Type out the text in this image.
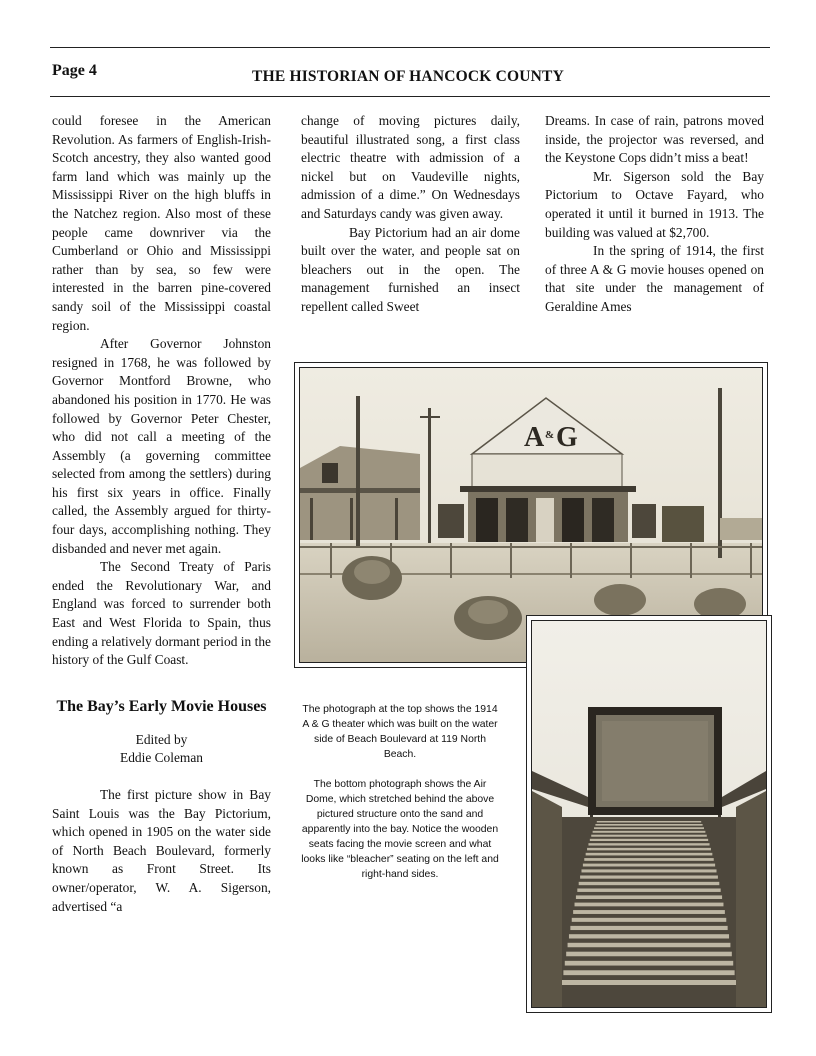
Page 4	THE HISTORIAN OF HANCOCK COUNTY

could foresee in the American Revolution. As farmers of English-Irish-Scotch ancestry, they also wanted good farm land which was mainly up the Mississippi River on the high bluffs in the Natchez region. Also most of these people came downriver via the Cumberland or Ohio and Mississippi rather than by sea, so few were interested in the barren pine-covered sandy soil of the Mississippi coastal region.

After Governor Johnston resigned in 1768, he was followed by Governor Montford Browne, who abandoned his position in 1770. He was followed by Governor Peter Chester, who did not call a meeting of the Assembly (a governing committee selected from among the settlers) during his first six years in office. Finally called, the Assembly argued for thirty-four days, accomplishing nothing. They disbanded and never met again.

The Second Treaty of Paris ended the Revolutionary War, and England was forced to surrender both East and West Florida to Spain, thus ending a relatively dormant period in the history of the Gulf Coast.

The Bay’s Early Movie Houses

Edited by

Eddie Coleman

The first picture show in Bay Saint Louis was the Bay Pictorium, which opened in 1905 on the water side of North Beach Boulevard, formerly known as Front Street. Its owner/operator, W. A. Sigerson, advertised “a

change of moving pictures daily, beautiful illustrated song, a first class electric theatre with admission of a nickel but on Vaudeville nights, admission of a dime.” On Wednesdays and Saturdays candy was given away.

Bay Pictorium had an air dome built over the water, and people sat on bleachers out in the open. The management furnished an insect repellent called Sweet

Dreams. In case of rain, patrons moved inside, the projector was reversed, and the Keystone Cops didn’t miss a beat!

Mr. Sigerson sold the Bay Pictorium to Octave Fayard, who operated it until it burned in 1913. The building was valued at $2,700.

In the spring of 1914, the first of three A & G movie houses opened on that site under the management of Geraldine Ames

A & G

The photograph at the top shows the 1914 A & G theater which was built on the water side of Beach Boulevard at 119 North Beach.

The bottom photograph shows the Air Dome, which stretched behind the above pictured structure onto the sand and apparently into the bay. Notice the wooden seats facing the movie screen and what looks like “bleacher” seating on the left and right-hand sides.
